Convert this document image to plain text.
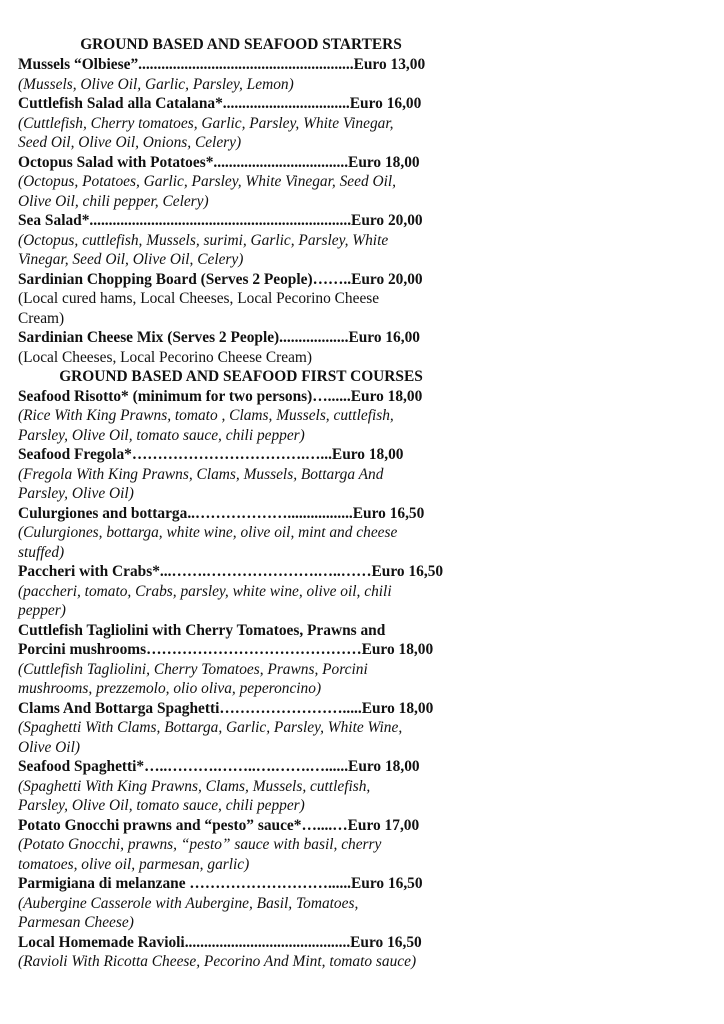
GROUND BASED AND SEAFOOD STARTERS

Mussels “Olbiese”........................................................Euro 13,00

(Mussels, Olive Oil, Garlic, Parsley, Lemon)

Cuttlefish Salad alla Catalana*.................................Euro 16,00

(Cuttlefish, Cherry tomatoes, Garlic, Parsley, White Vinegar,

Seed Oil, Olive Oil, Onions, Celery)

Octopus Salad with Potatoes*...................................Euro 18,00

(Octopus, Potatoes, Garlic, Parsley, White Vinegar, Seed Oil,

Olive Oil, chili pepper, Celery)

Sea Salad*....................................................................Euro 20,00

(Octopus, cuttlefish, Mussels, surimi, Garlic, Parsley, White

Vinegar, Seed Oil, Olive Oil, Celery)

Sardinian Chopping Board (Serves 2 People)……..Euro 20,00

(Local cured hams, Local Cheeses, Local Pecorino Cheese

Cream)

Sardinian Cheese Mix (Serves 2 People)..................Euro 16,00

(Local Cheeses, Local Pecorino Cheese Cream)

GROUND BASED AND SEAFOOD FIRST COURSES

Seafood Risotto* (minimum for two persons)…......Euro 18,00

(Rice With King Prawns, tomato , Clams, Mussels, cuttlefish,

Parsley, Olive Oil, tomato sauce, chili pepper)

Seafood Fregola*…………………………….…...Euro 18,00

(Fregola With King Prawns, Clams, Mussels, Bottarga And

Parsley, Olive Oil)

Culurgiones and bottarga..……………….................Euro 16,50

(Culurgiones, bottarga, white wine, olive oil, mint and cheese

stuffed)

Paccheri with Crabs*...…….………………….…..……Euro 16,50

(paccheri, tomato, Crabs, parsley, white wine, olive oil, chili

pepper)

Cuttlefish Tagliolini with Cherry Tomatoes, Prawns and

Porcini mushrooms……………………………………Euro 18,00

(Cuttlefish Tagliolini, Cherry Tomatoes, Prawns, Porcini

mushrooms, prezzemolo, olio oliva, peperoncino)

Clams And Bottarga Spaghetti…………………….....Euro 18,00

(Spaghetti With Clams, Bottarga, Garlic, Parsley, White Wine,

Olive Oil)

Seafood Spaghetti*…..……….……..….…….…......Euro 18,00

(Spaghetti With King Prawns, Clams, Mussels, cuttlefish,

Parsley, Olive Oil, tomato sauce, chili pepper)

Potato Gnocchi prawns and “pesto” sauce*…....…Euro 17,00

(Potato Gnocchi, prawns, “pesto” sauce with basil, cherry

tomatoes, olive oil, parmesan, garlic)

Parmigiana di melanzane ………………………......Euro 16,50

(Aubergine Casserole with Aubergine, Basil, Tomatoes,

Parmesan Cheese)

Local Homemade Ravioli...........................................Euro 16,50

(Ravioli With Ricotta Cheese, Pecorino And Mint, tomato sauce)
